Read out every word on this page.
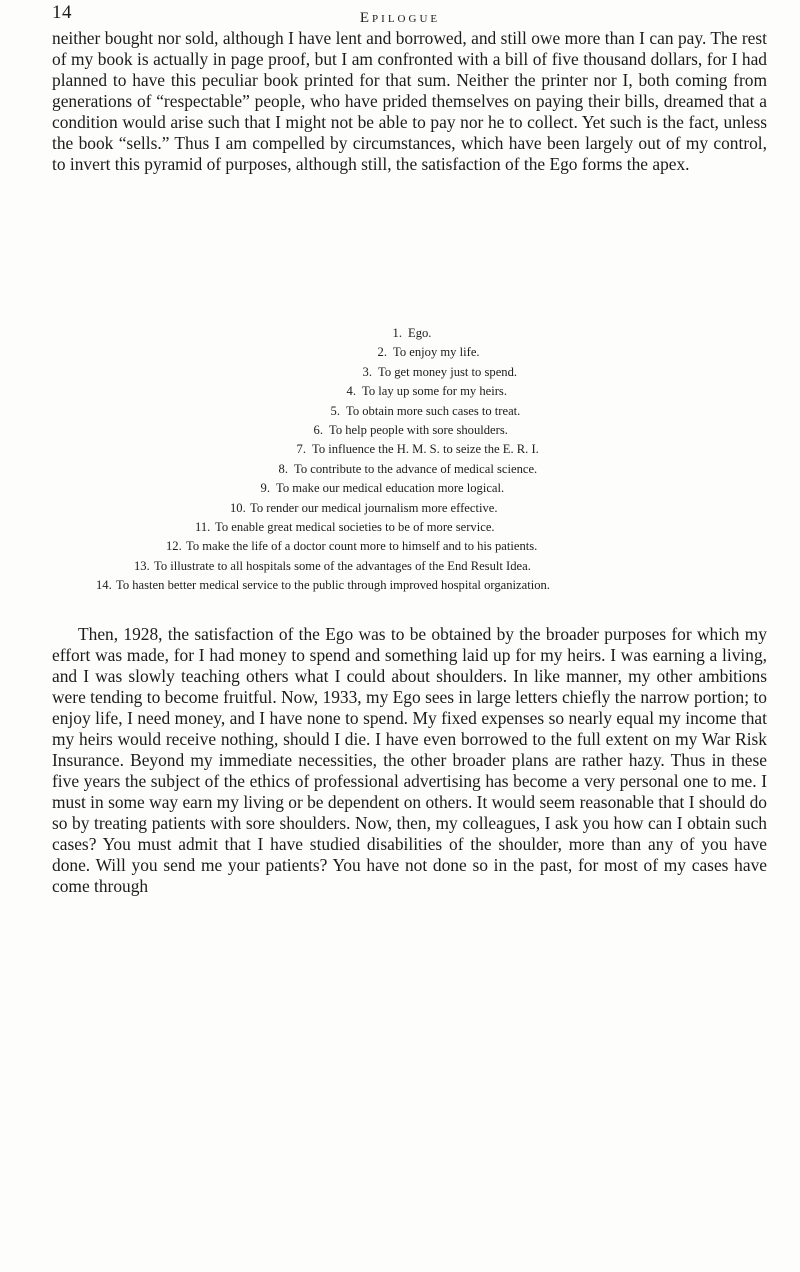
14	Epilogue

neither bought nor sold, although I have lent and borrowed, and still owe more than I can pay. The rest of my book is actually in page proof, but I am confronted with a bill of five thousand dollars, for I had planned to have this peculiar book printed for that sum. Neither the printer nor I, both coming from generations of “respectable” people, who have prided themselves on paying their bills, dreamed that a condition would arise such that I might not be able to pay nor he to collect. Yet such is the fact, unless the book “sells.” Thus I am compelled by circumstances, which have been largely out of my control, to invert this pyramid of purposes, although still, the satisfaction of the Ego forms the apex.

1. Ego.
2. To enjoy my life.
3. To get money just to spend.
4. To lay up some for my heirs.
5. To obtain more such cases to treat.
6. To help people with sore shoulders.
7. To influence the H. M. S. to seize the E. R. I.
8. To contribute to the advance of medical science.
9. To make our medical education more logical.
10. To render our medical journalism more effective.
11. To enable great medical societies to be of more service.
12. To make the life of a doctor count more to himself and to his patients.
13. To illustrate to all hospitals some of the advantages of the End Result Idea.
14. To hasten better medical service to the public through improved hospital organization.

Then, 1928, the satisfaction of the Ego was to be obtained by the broader purposes for which my effort was made, for I had money to spend and something laid up for my heirs. I was earning a living, and I was slowly teaching others what I could about shoulders. In like manner, my other ambitions were tending to become fruitful. Now, 1933, my Ego sees in large letters chiefly the narrow portion; to enjoy life, I need money, and I have none to spend. My fixed expenses so nearly equal my income that my heirs would receive nothing, should I die. I have even borrowed to the full extent on my War Risk Insurance. Beyond my immediate necessities, the other broader plans are rather hazy. Thus in these five years the subject of the ethics of professional advertising has become a very personal one to me. I must in some way earn my living or be dependent on others. It would seem reasonable that I should do so by treating patients with sore shoulders. Now, then, my colleagues, I ask you how can I obtain such cases? You must admit that I have studied disabilities of the shoulder, more than any of you have done. Will you send me your patients? You have not done so in the past, for most of my cases have come through
